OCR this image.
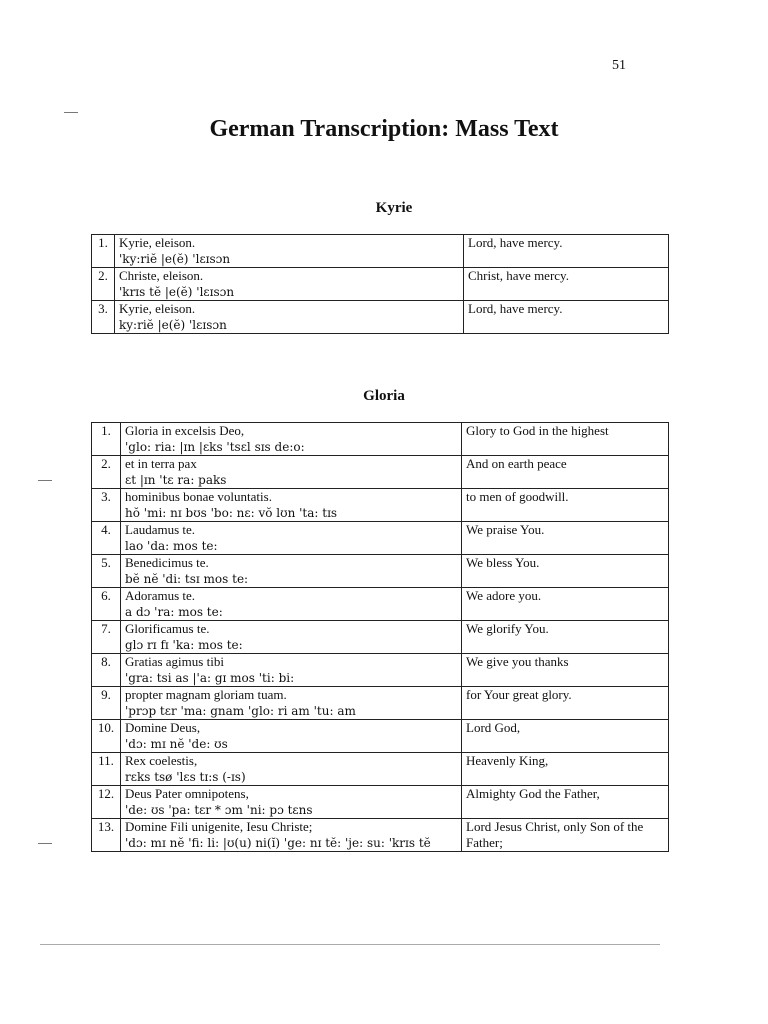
51
German Transcription: Mass Text
Kyrie
1.	Kyrie, eleison.
'ky:riĕ |e(ĕ) 'lɛɪsɔn	Lord, have mercy.
2.	Christe, eleison.
'krɪs tĕ |e(ĕ) 'lɛɪsɔn	Christ, have mercy.
3.	Kyrie, eleison.
ky:riĕ |e(ĕ) 'lɛɪsɔn	Lord, have mercy.
Gloria
1.	Gloria in excelsis Deo,
'glo: ria: |ɪn |ɛks 'tsɛl sɪs de:o:	Glory to God in the highest
2.	et in terra pax
ɛt |ɪn 'tɛ ra: paks	And on earth peace
3.	hominibus bonae voluntatis.
hŏ 'mi: nɪ bʊs 'bo: nɛ: vŏ lʊn 'ta: tɪs	to men of goodwill.
4.	Laudamus te.
lao 'da: mos te:	We praise You.
5.	Benedicimus te.
bĕ nĕ 'di: tsɪ mos te:	We bless You.
6.	Adoramus te.
a dɔ 'ra: mos te:	We adore you.
7.	Glorificamus te.
glɔ rɪ fɪ 'ka: mos te:	We glorify You.
8.	Gratias agimus tibi
'gra: tsi as |'a: gɪ mos 'ti: bi:	We give you thanks
9.	propter magnam gloriam tuam.
'prɔp tɛr 'ma: gnam 'glo: ri am 'tu: am	for Your great glory.
10.	Domine Deus,
'dɔ: mɪ nĕ 'de: ʊs	Lord God,
11.	Rex coelestis,
rɛks tsø 'lɛs tɪ:s (-ɪs)	Heavenly King,
12.	Deus Pater omnipotens,
'de: ʊs 'pa: tɛr * ɔm 'ni: pɔ tɛns	Almighty God the Father,
13.	Domine Fili unigenite, Iesu Christe;
'dɔ: mɪ nĕ 'fi: li: |ʊ(u) ni(ĭ) 'ge: nɪ tĕ: 'je: su: 'krɪs tĕ	Lord Jesus Christ, only Son of the Father;
